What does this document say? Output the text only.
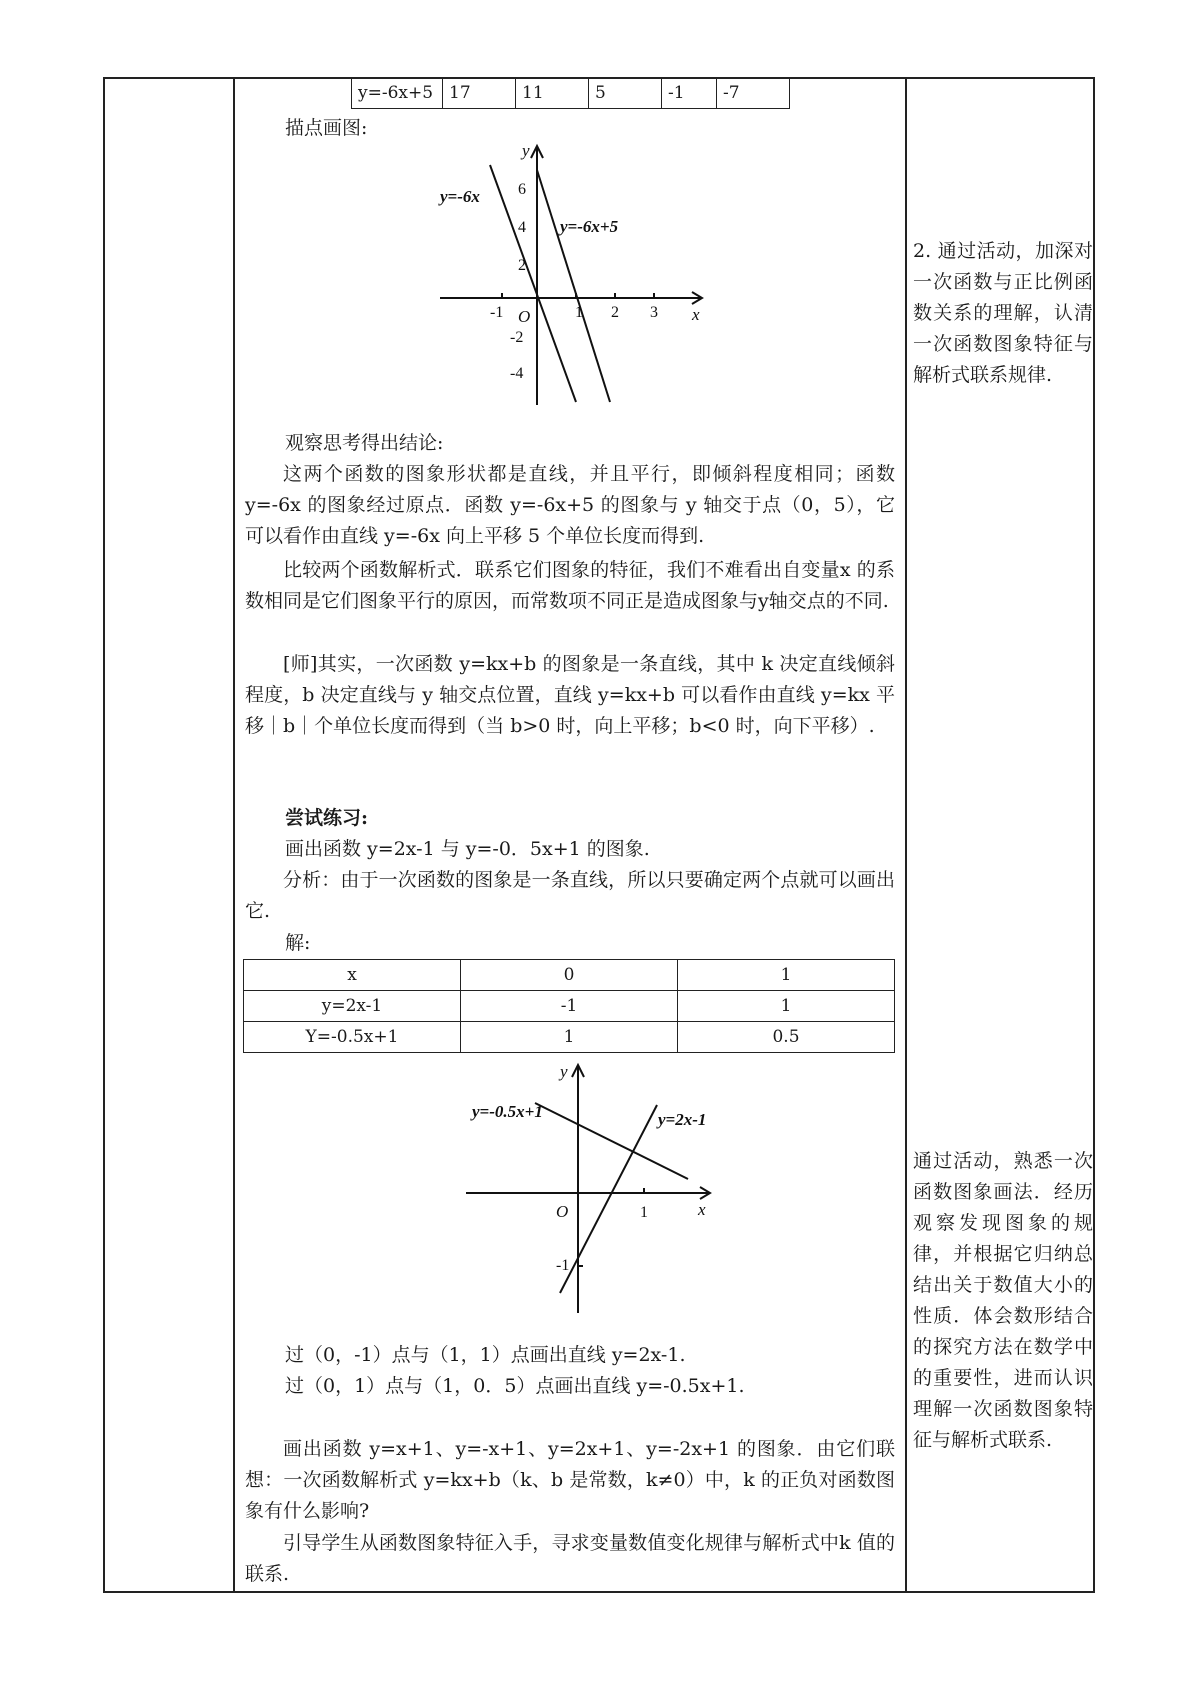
y=-6x+5	17	11	5	-1	-7

描点画图:

O	x
y
y=-6x
y=-6x+5
-1	1 2 3
6
4
2
-2
-4

观察思考得出结论:

这两个函数的图象形状都是直线，并且平行，即倾斜程度相同；函数 y=-6x 的图象经过原点．函数 y=-6x+5 的图象与 y 轴交于点（0，5），它可以看作由直线 y=-6x 向上平移 5 个单位长度而得到.

比较两个函数解析式．联系它们图象的特征，我们不难看出自变量x 的系数相同是它们图象平行的原因，而常数项不同正是造成图象与y轴交点的不同.

[师]其实，一次函数 y=kx+b 的图象是一条直线，其中 k 决定直线倾斜程度，b 决定直线与 y 轴交点位置，直线 y=kx+b 可以看作由直线 y=kx 平移｜b｜个单位长度而得到（当 b>0 时，向上平移；b<0 时，向下平移）.

尝试练习:

画出函数 y=2x-1 与 y=-0．5x+1 的图象.

分析：由于一次函数的图象是一条直线，所以只要确定两个点就可以画出它.

解:

x	0	1
y=2x-1	-1	1
Y=-0.5x+1	1	0.5
O	x
y
y=-0.5x+1	y=2x-1
1
-1

过（0，-1）点与（1，1）点画出直线 y=2x-1.

过（0，1）点与（1，0．5）点画出直线 y=-0.5x+1.

画出函数 y=x+1、y=-x+1、y=2x+1、y=-2x+1 的图象．由它们联想：一次函数解析式 y=kx+b（k、b 是常数，k≠0）中，k 的正负对函数图象有什么影响?

引导学生从函数图象特征入手，寻求变量数值变化规律与解析式中k 值的联系.

2. 通过活动，加深对一次函数与正比例函数关系的理解，认清一次函数图象特征与解析式联系规律.

通过活动，熟悉一次函数图象画法．经历观察发现图象的规律，并根据它归纳总结出关于数值大小的性质．体会数形结合的探究方法在数学中的重要性，进而认识理解一次函数图象特征与解析式联系.
